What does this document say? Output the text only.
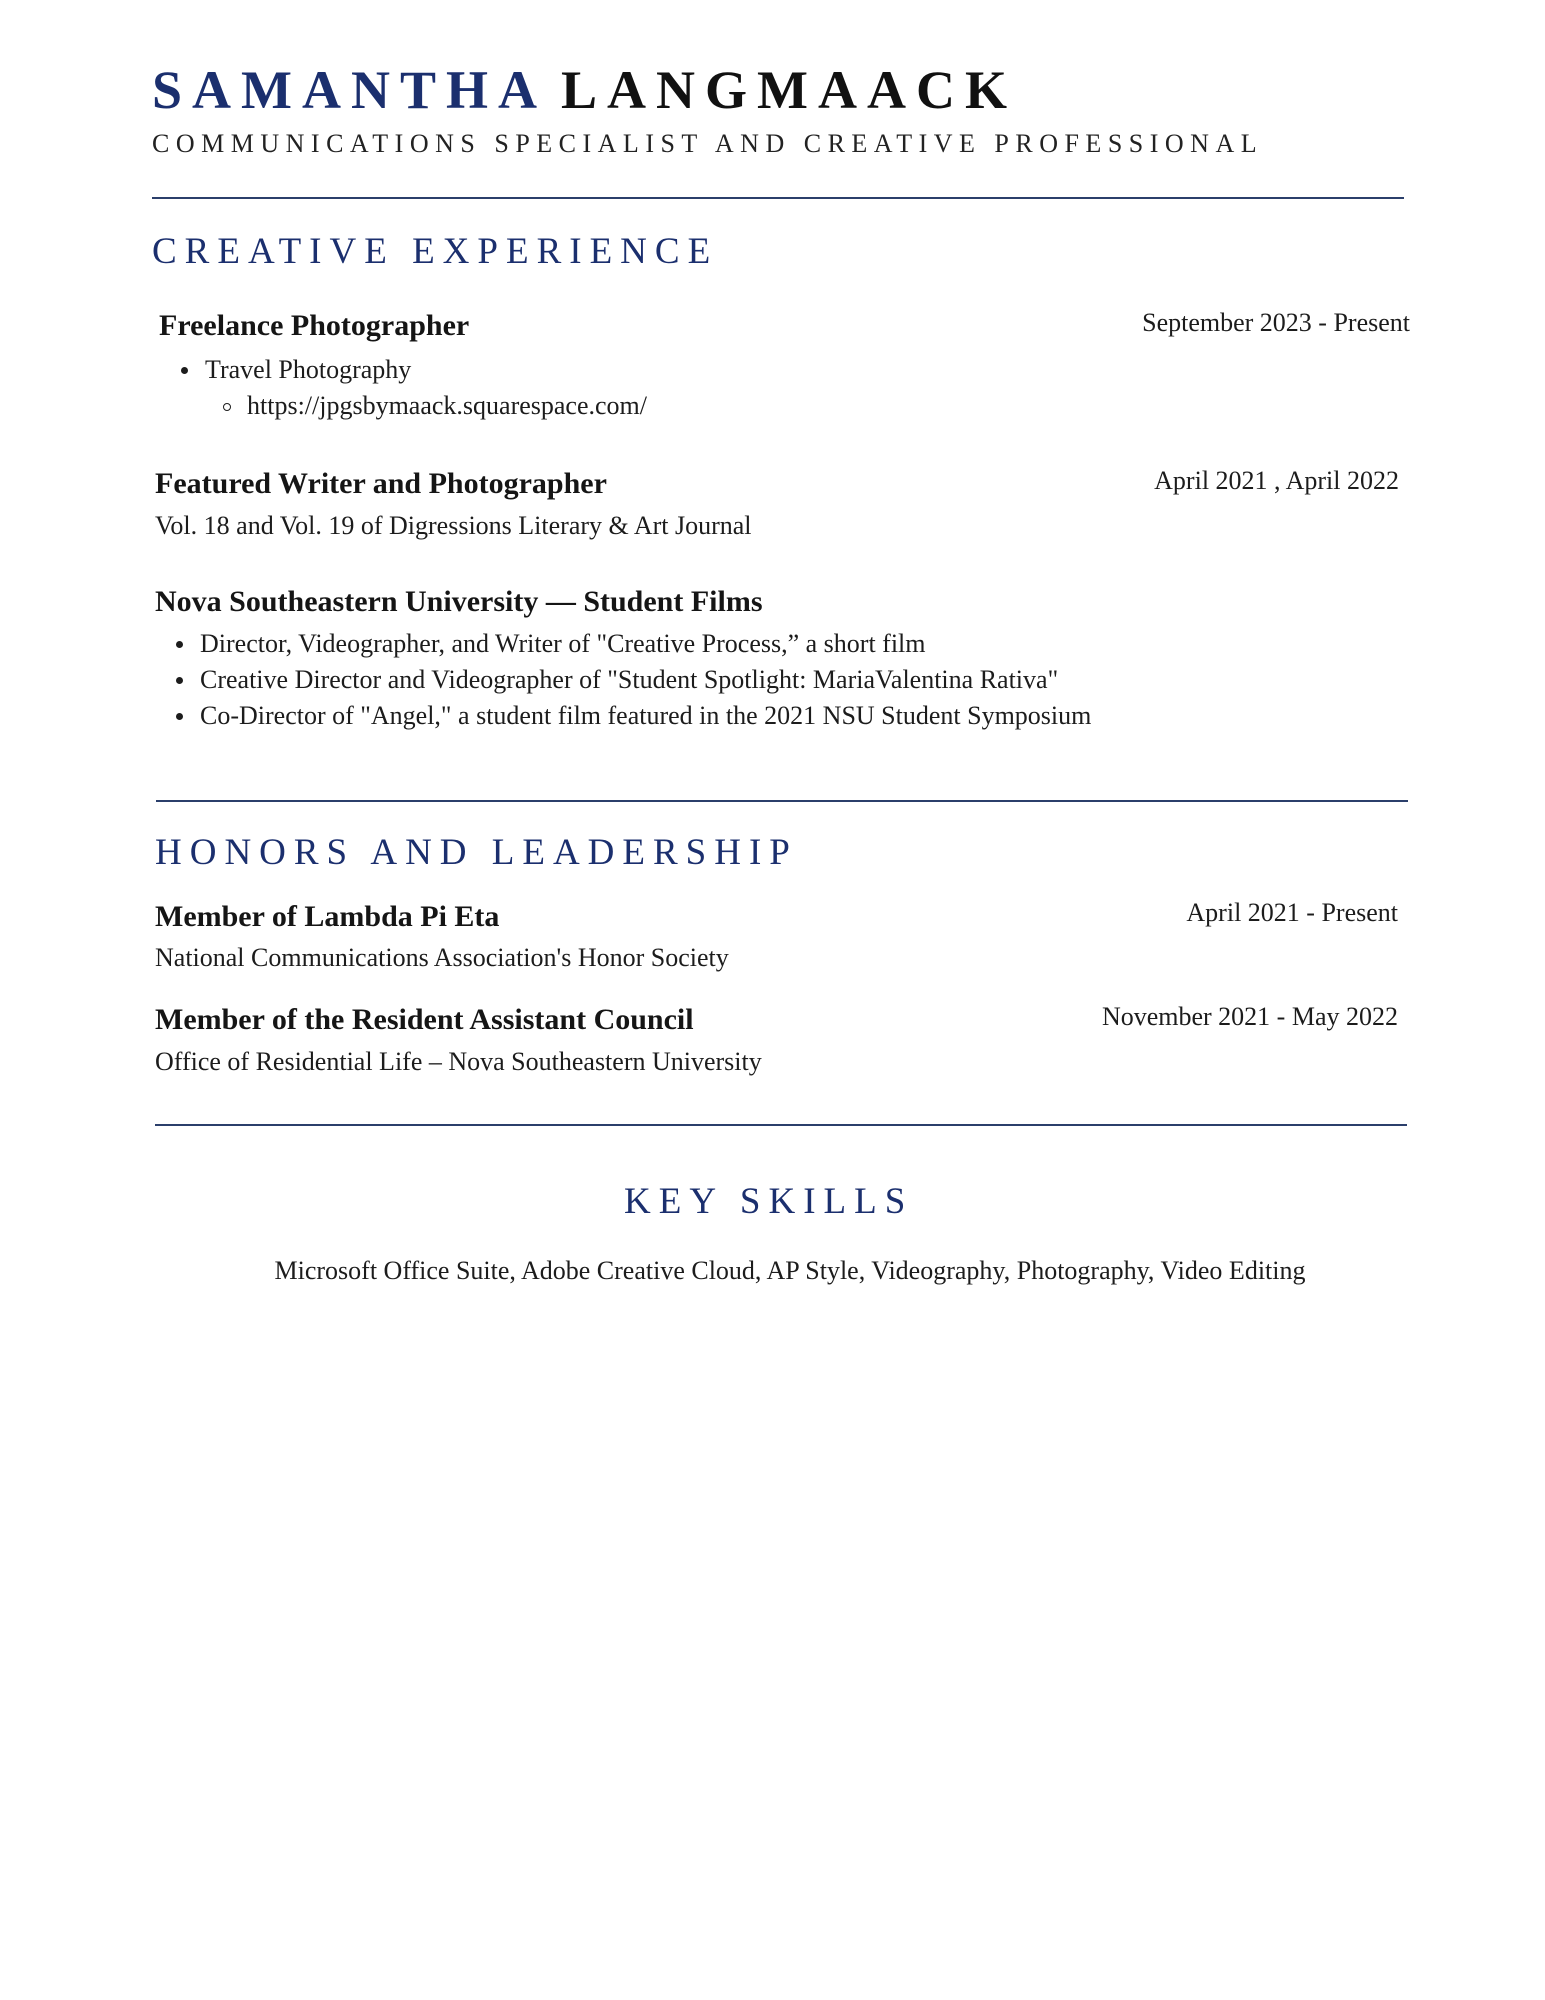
SAMANTHA LANGMAACK
COMMUNICATIONS SPECIALIST AND CREATIVE PROFESSIONAL
CREATIVE EXPERIENCE
Freelance Photographer	September 2023 - Present
Travel Photography
https://jpgsbymaack.squarespace.com/
Featured Writer and Photographer	April 2021 , April 2022
Vol. 18 and Vol. 19 of Digressions Literary & Art Journal
Nova Southeastern University — Student Films
Director, Videographer, and Writer of "Creative Process,” a short film
Creative Director and Videographer of "Student Spotlight: MariaValentina Rativa"
Co-Director of "Angel," a student film featured in the 2021 NSU Student Symposium
HONORS AND LEADERSHIP
Member of Lambda Pi Eta	April 2021 - Present
National Communications Association's Honor Society
Member of the Resident Assistant Council	November 2021 - May 2022
Office of Residential Life – Nova Southeastern University
KEY SKILLS
Microsoft Office Suite, Adobe Creative Cloud, AP Style, Videography, Photography, Video Editing
